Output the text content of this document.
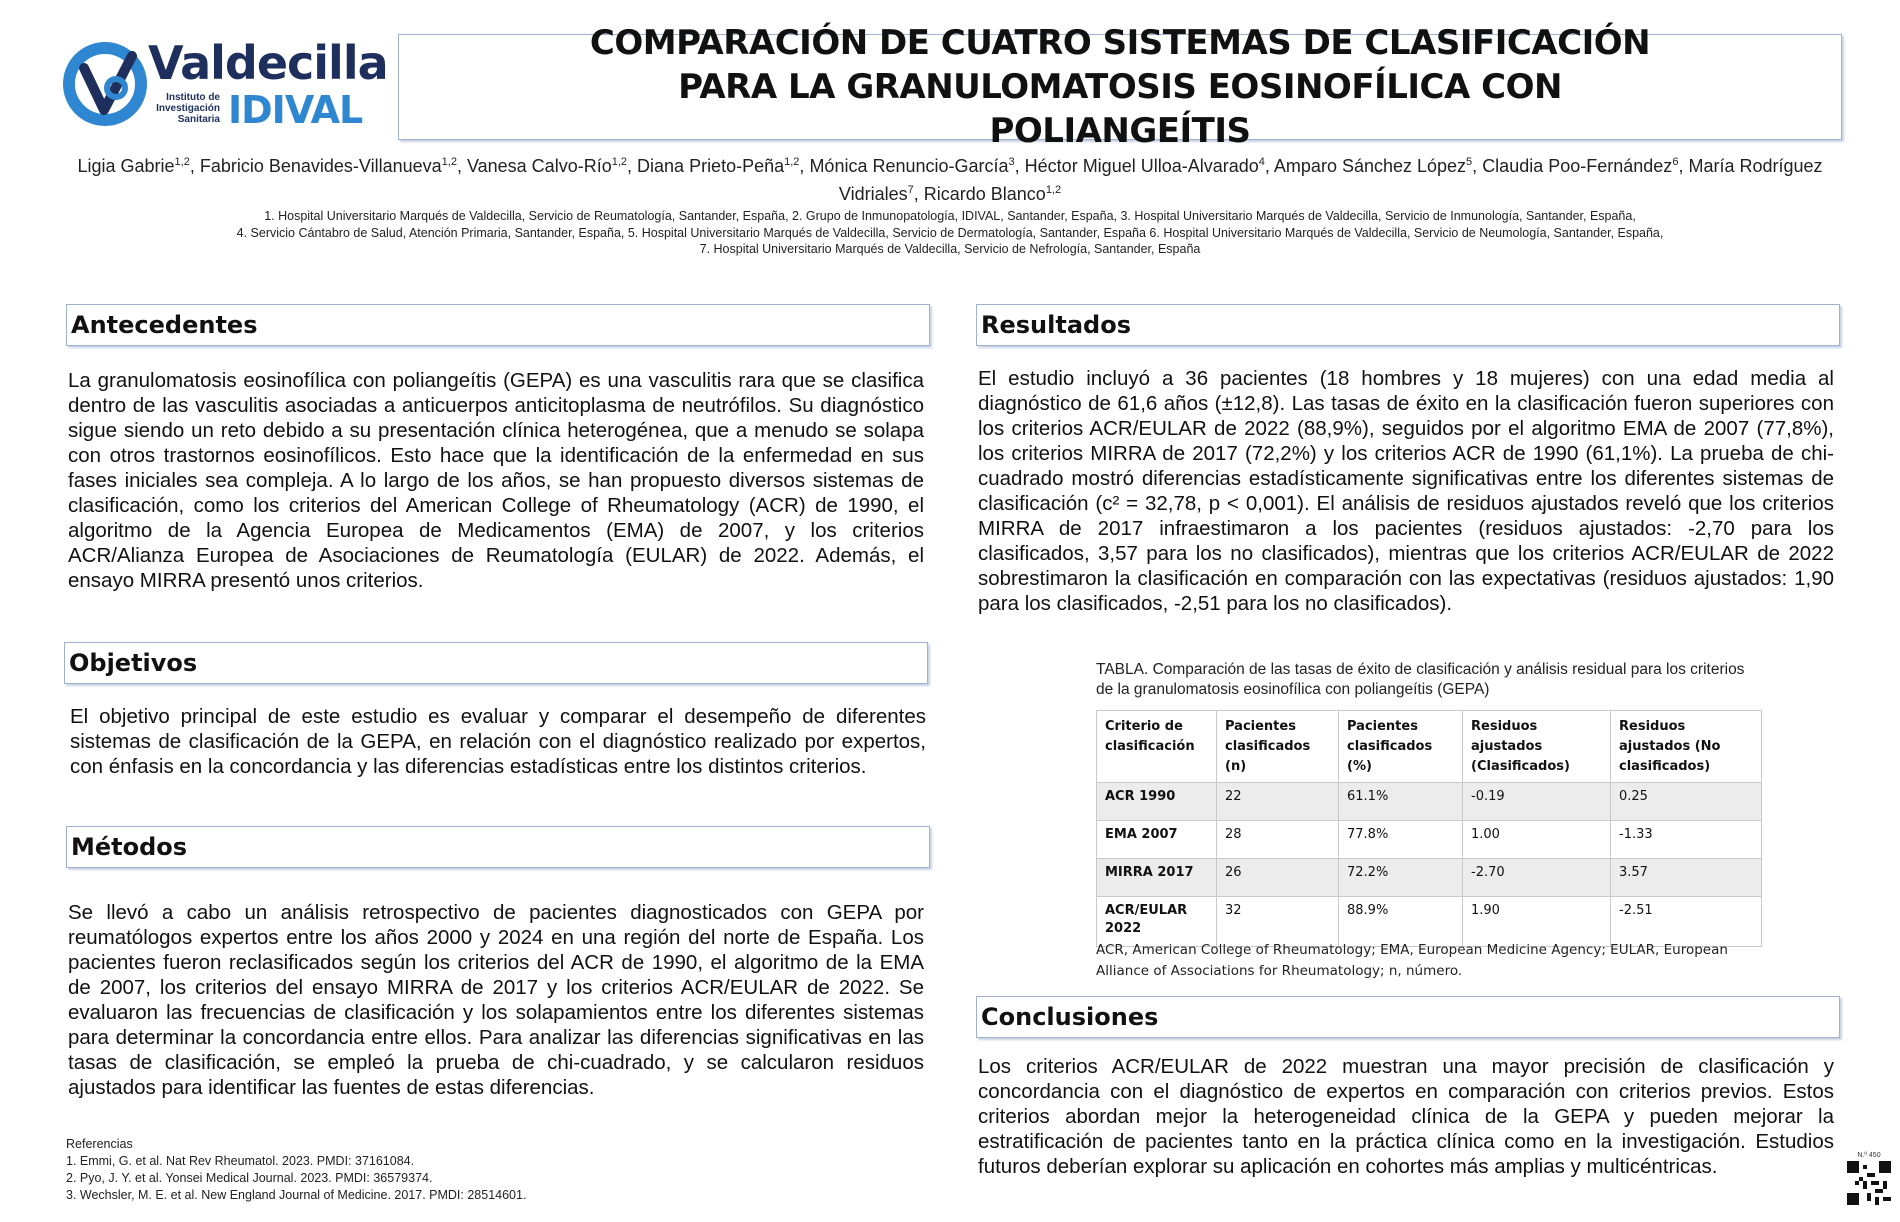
Valdecilla
Instituto de Investigación Sanitaria IDIVAL
COMPARACIÓN DE CUATRO SISTEMAS DE CLASIFICACIÓN PARA LA GRANULOMATOSIS EOSINOFÍLICA CON POLIANGEÍTIS
Ligia Gabrie$^{1,2}$, Fabricio Benavides-Villanueva$^{1,2}$, Vanesa Calvo-Río$^{1,2}$, Diana Prieto-Peña$^{1,2}$, Mónica Renuncio-García$^3$, Héctor Miguel Ulloa-Alvarado$^4$, Amparo Sánchez López$^5$, Claudia Poo-Fernández$^6$, María Rodríguez Vidriales$^7$, Ricardo Blanco$^{1,2}$
1. Hospital Universitario Marqués de Valdecilla, Servicio de Reumatología, Santander, España, 2. Grupo de Inmunopatología, IDIVAL, Santander, España, 3. Hospital Universitario Marqués de Valdecilla, Servicio de Inmunología, Santander, España,
4. Servicio Cántabro de Salud, Atención Primaria, Santander, España, 5. Hospital Universitario Marqués de Valdecilla, Servicio de Dermatología, Santander, España 6. Hospital Universitario Marqués de Valdecilla, Servicio de Neumología, Santander, España,
7. Hospital Universitario Marqués de Valdecilla, Servicio de Nefrología, Santander, España
Antecedentes
La granulomatosis eosinofílica con poliangeítis (GEPA) es una vasculitis rara que se clasifica dentro de las vasculitis asociadas a anticuerpos anticitoplasma de neutrófilos. Su diagnóstico sigue siendo un reto debido a su presentación clínica heterogénea, que a menudo se solapa con otros trastornos eosinofílicos. Esto hace que la identificación de la enfermedad en sus fases iniciales sea compleja. A lo largo de los años, se han propuesto diversos sistemas de clasificación, como los criterios del American College of Rheumatology (ACR) de 1990, el algoritmo de la Agencia Europea de Medicamentos (EMA) de 2007, y los criterios ACR/Alianza Europea de Asociaciones de Reumatología (EULAR) de 2022. Además, el ensayo MIRRA presentó unos criterios.
Objetivos
El objetivo principal de este estudio es evaluar y comparar el desempeño de diferentes sistemas de clasificación de la GEPA, en relación con el diagnóstico realizado por expertos, con énfasis en la concordancia y las diferencias estadísticas entre los distintos criterios.
Métodos
Se llevó a cabo un análisis retrospectivo de pacientes diagnosticados con GEPA por reumatólogos expertos entre los años 2000 y 2024 en una región del norte de España. Los pacientes fueron reclasificados según los criterios del ACR de 1990, el algoritmo de la EMA de 2007, los criterios del ensayo MIRRA de 2017 y los criterios ACR/EULAR de 2022. Se evaluaron las frecuencias de clasificación y los solapamientos entre los diferentes sistemas para determinar la concordancia entre ellos. Para analizar las diferencias significativas en las tasas de clasificación, se empleó la prueba de chi-cuadrado, y se calcularon residuos ajustados para identificar las fuentes de estas diferencias.
Referencias
1. Emmi, G. et al. Nat Rev Rheumatol. 2023. PMDI: 37161084.
2. Pyo, J. Y. et al. Yonsei Medical Journal. 2023. PMDI: 36579374.
3. Wechsler, M. E. et al. New England Journal of Medicine. 2017. PMDI: 28514601.
Resultados
El estudio incluyó a 36 pacientes (18 hombres y 18 mujeres) con una edad media al diagnóstico de 61,6 años (±12,8). Las tasas de éxito en la clasificación fueron superiores con los criterios ACR/EULAR de 2022 (88,9%), seguidos por el algoritmo EMA de 2007 (77,8%), los criterios MIRRA de 2017 (72,2%) y los criterios ACR de 1990 (61,1%). La prueba de chi-cuadrado mostró diferencias estadísticamente significativas entre los diferentes sistemas de clasificación (c² = 32,78, p < 0,001). El análisis de residuos ajustados reveló que los criterios MIRRA de 2017 infraestimaron a los pacientes (residuos ajustados: -2,70 para los clasificados, 3,57 para los no clasificados), mientras que los criterios ACR/EULAR de 2022 sobrestimaron la clasificación en comparación con las expectativas (residuos ajustados: 1,90 para los clasificados, -2,51 para los no clasificados).
TABLA. Comparación de las tasas de éxito de clasificación y análisis residual para los criterios de la granulomatosis eosinofílica con poliangeítis (GEPA)
Criterio de clasificación	Pacientes clasificados (n)	Pacientes clasificados (%)	Residuos ajustados (Clasificados)	Residuos ajustados (No clasificados)
ACR 1990	22	61.1%	-0.19	0.25
EMA 2007	28	77.8%	1.00	-1.33
MIRRA 2017	26	72.2%	-2.70	3.57
ACR/EULAR 2022	32	88.9%	1.90	-2.51
ACR, American College of Rheumatology; EMA, European Medicine Agency; EULAR, European Alliance of Associations for Rheumatology; n, número.
Conclusiones
Los criterios ACR/EULAR de 2022 muestran una mayor precisión de clasificación y concordancia con el diagnóstico de expertos en comparación con criterios previos. Estos criterios abordan mejor la heterogeneidad clínica de la GEPA y pueden mejorar la estratificación de pacientes tanto en la práctica clínica como en la investigación. Estudios futuros deberían explorar su aplicación en cohortes más amplias y multicéntricas.	N.º 450
